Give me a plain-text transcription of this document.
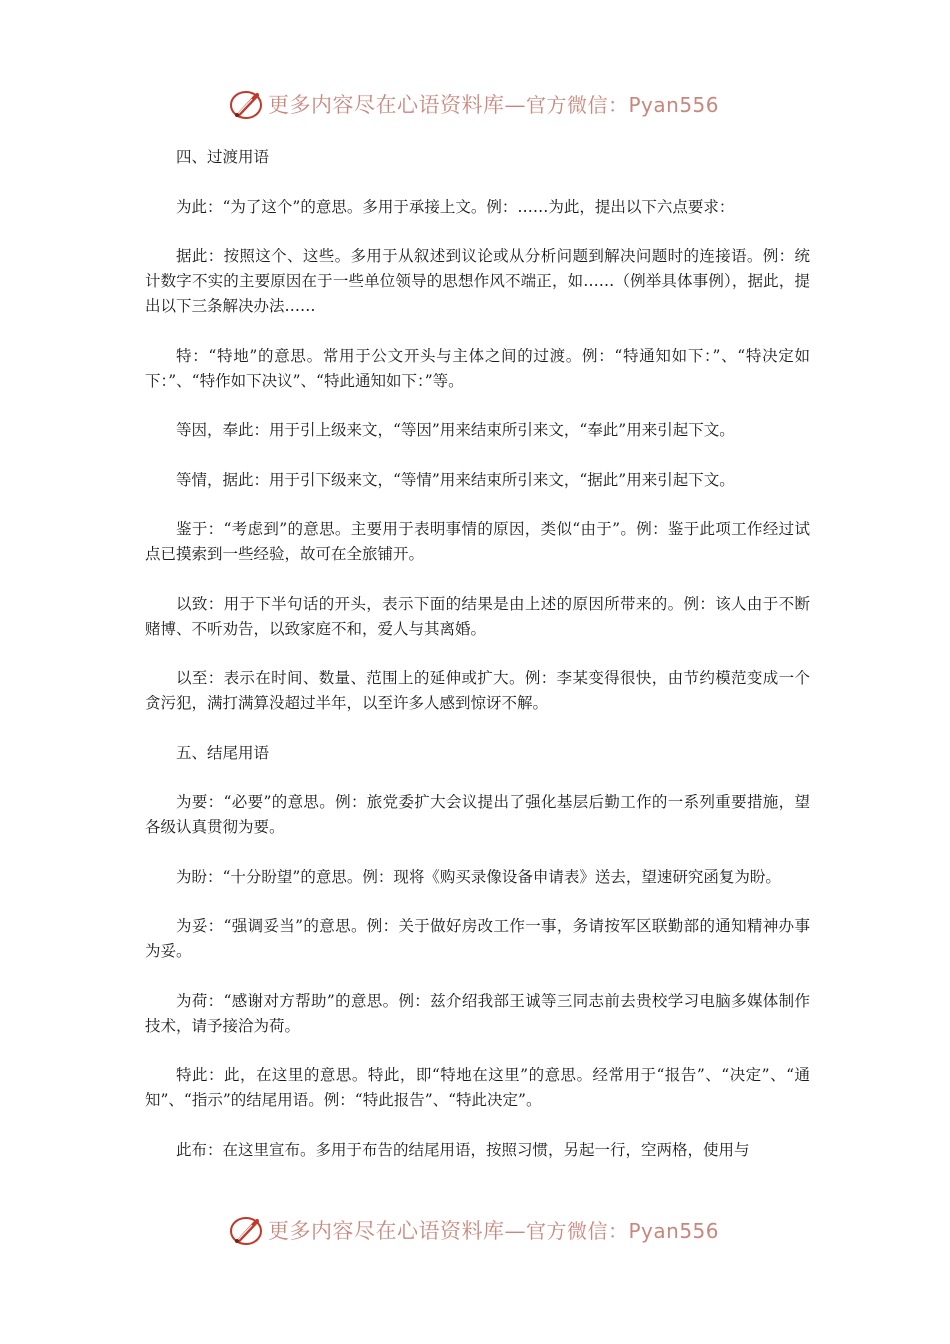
更多内容尽在心语资料库—官方微信：Pyan556

四、过渡用语

为此：“为了这个”的意思。多用于承接上文。例：……为此，提出以下六点要求：

据此：按照这个、这些。多用于从叙述到议论或从分析问题到解决问题时的连接语。例：统计数字不实的主要原因在于一些单位领导的思想作风不端正，如……（例举具体事例），据此，提出以下三条解决办法……

特：“特地”的意思。常用于公文开头与主体之间的过渡。例：“特通知如下：”、“特决定如下：”、“特作如下决议”、“特此通知如下：”等。

等因，奉此：用于引上级来文，“等因”用来结束所引来文，“奉此”用来引起下文。

等情，据此：用于引下级来文，“等情”用来结束所引来文，“据此”用来引起下文。

鉴于：“考虑到”的意思。主要用于表明事情的原因，类似“由于”。例：鉴于此项工作经过试点已摸索到一些经验，故可在全旅铺开。

以致：用于下半句话的开头，表示下面的结果是由上述的原因所带来的。例：该人由于不断赌博、不听劝告，以致家庭不和，爱人与其离婚。

以至：表示在时间、数量、范围上的延伸或扩大。例：李某变得很快，由节约模范变成一个贪污犯，满打满算没超过半年，以至许多人感到惊讶不解。

五、结尾用语

为要：“必要”的意思。例：旅党委扩大会议提出了强化基层后勤工作的一系列重要措施，望各级认真贯彻为要。

为盼：“十分盼望”的意思。例：现将《购买录像设备申请表》送去，望速研究函复为盼。

为妥：“强调妥当”的意思。例：关于做好房改工作一事，务请按军区联勤部的通知精神办事为妥。

为荷：“感谢对方帮助”的意思。例：兹介绍我部王诚等三同志前去贵校学习电脑多媒体制作技术，请予接洽为荷。

特此：此，在这里的意思。特此，即“特地在这里”的意思。经常用于“报告”、“决定”、“通知”、“指示”的结尾用语。例：“特此报告”、“特此决定”。

此布：在这里宣布。多用于布告的结尾用语，按照习惯，另起一行，空两格，使用与

更多内容尽在心语资料库—官方微信：Pyan556
